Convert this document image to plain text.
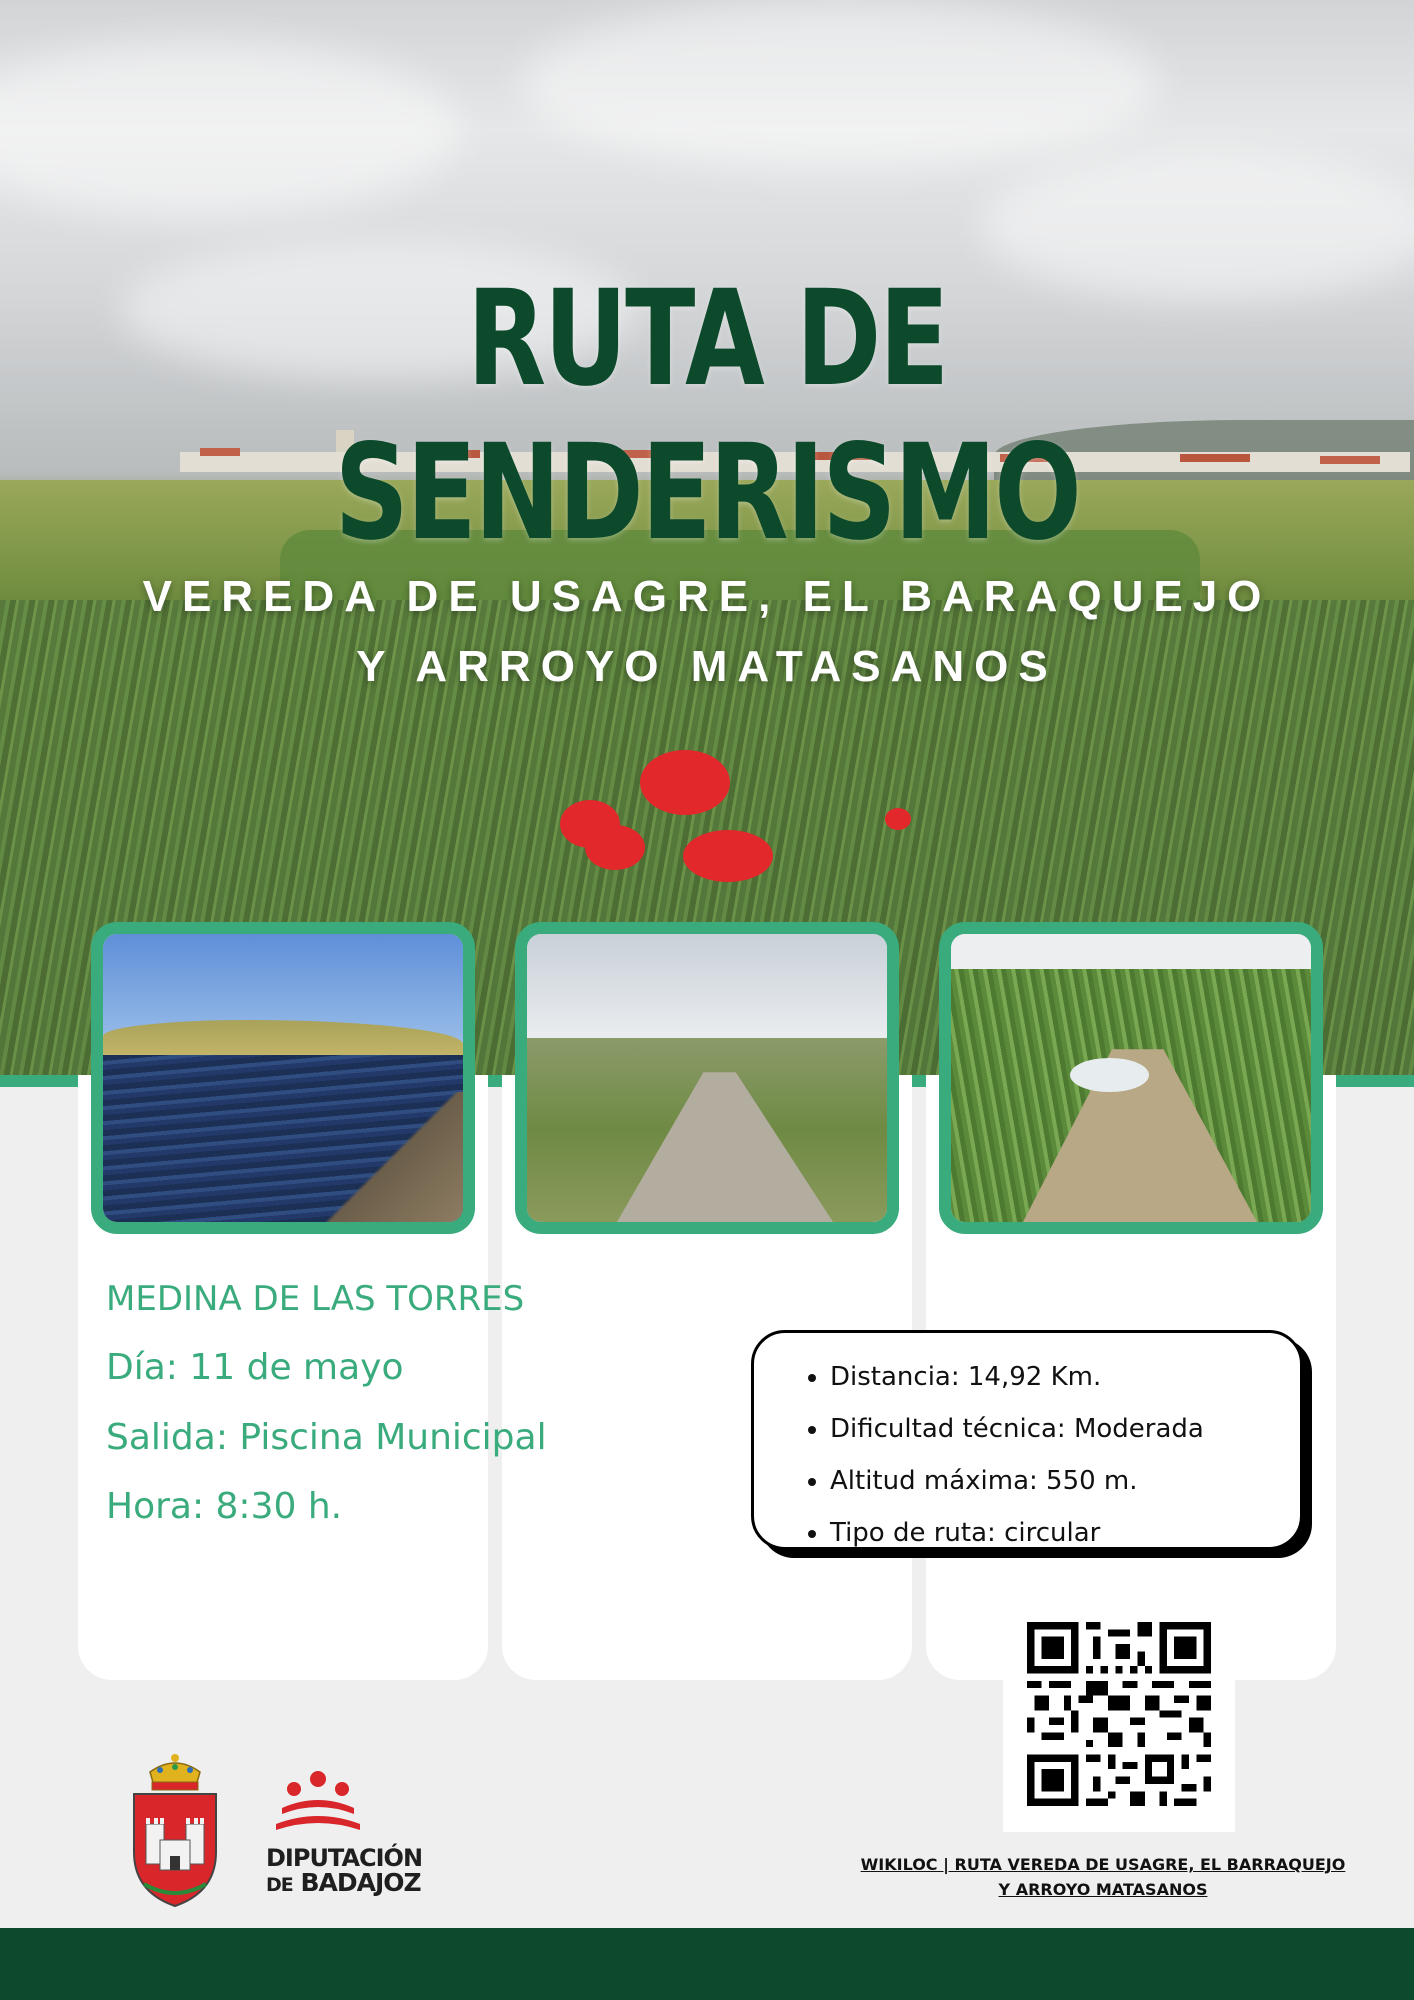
RUTA DE SENDERISMO
VEREDA DE USAGRE, EL BARAQUEJO
Y ARROYO MATASANOS
MEDINA DE LAS TORRES
Día: 11 de mayo
Salida: Piscina Municipal
Hora: 8:30 h.
• Distancia: 14,92 Km.
• Dificultad técnica: Moderada
• Altitud máxima: 550 m.
• Tipo de ruta: circular
WIKILOC | RUTA VEREDA DE USAGRE, EL BARRAQUEJO
Y ARROYO MATASANOS
DIPUTACIÓN
DE BADAJOZ
